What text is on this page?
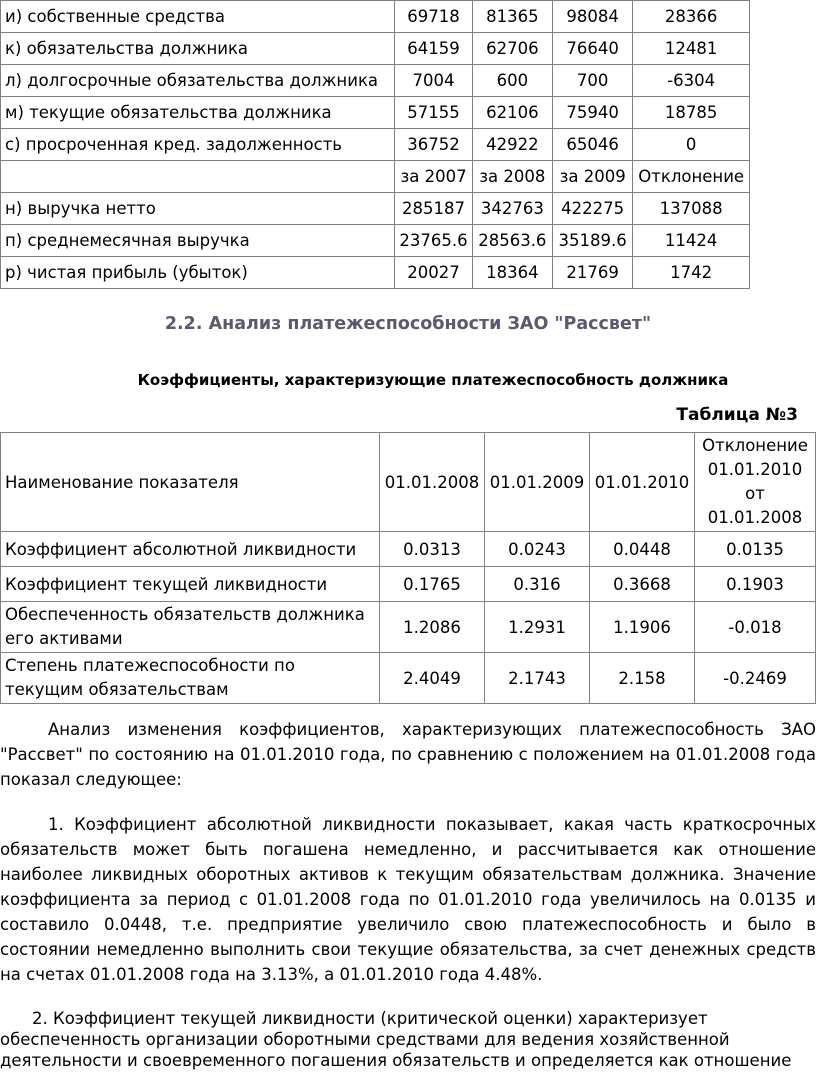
и) собственные средства	69718	81365	98084	28366
к) обязательства должника	64159	62706	76640	12481
л) долгосрочные обязательства должника	7004	600	700	-6304
м) текущие обязательства должника	57155	62106	75940	18785
с) просроченная кред. задолженность	36752	42922	65046	0
	за 2007	за 2008	за 2009	Отклонение
н) выручка нетто	285187	342763	422275	137088
п) среднемесячная выручка	23765.6	28563.6	35189.6	11424
р) чистая прибыль (убыток)	20027	18364	21769	1742
2.2. Анализ платежеспособности ЗАО "Рассвет"
Коэффициенты, характеризующие платежеспособность должника
Таблица №3
Наименование показателя	01.01.2008	01.01.2009	01.01.2010	Отклонение 01.01.2010 от 01.01.2008
Коэффициент абсолютной ликвидности	0.0313	0.0243	0.0448	0.0135
Коэффициент текущей ликвидности	0.1765	0.316	0.3668	0.1903
Обеспеченность обязательств должника его активами	1.2086	1.2931	1.1906	-0.018
Степень платежеспособности по текущим обязательствам	2.4049	2.1743	2.158	-0.2469

Анализ изменения коэффициентов, характеризующих платежеспособность ЗАО "Рассвет" по состоянию на 01.01.2010 года, по сравнению с положением на 01.01.2008 года показал следующее:

1. Коэффициент абсолютной ликвидности показывает, какая часть краткосрочных обязательств может быть погашена немедленно, и рассчитывается как отношение наиболее ликвидных оборотных активов к текущим обязательствам должника. Значение коэффициента за период с 01.01.2008 года по 01.01.2010 года увеличилось на 0.0135 и составило 0.0448, т.е. предприятие увеличило свою платежеспособность и было в состоянии немедленно выполнить свои текущие обязательства, за счет денежных средств на счетах 01.01.2008 года на 3.13%, а 01.01.2010 года 4.48%.

2. Коэффициент текущей ликвидности (критической оценки) характеризует обеспеченность организации оборотными средствами для ведения хозяйственной деятельности и своевременного погашения обязательств и определяется как отношение
